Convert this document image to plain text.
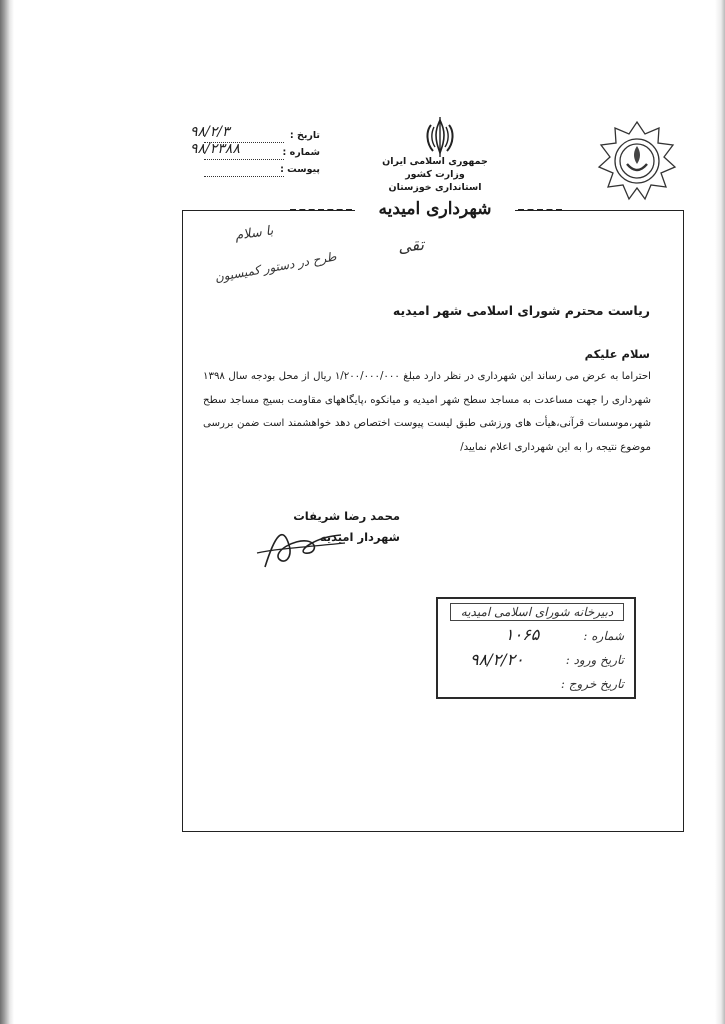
جمهوری اسلامی ایران
وزارت کشور
استانداری خوزستان
تاریخ :
۹۸/۲/۳
شماره :
۹۸/۲۳۸۸
پیوست :
شهرداری امیدیه
با سلام
طرح در دستور کمیسیون
تقی
ریاست محترم شورای اسلامی شهر امیدیه
سلام علیکم
احتراما به عرض می رساند این شهرداری در نظر دارد مبلغ ۱/۲۰۰/۰۰۰/۰۰۰ ریال از محل بودجه سال ۱۳۹۸ شهرداری را جهت مساعدت به مساجد سطح شهر امیدیه و میانکوه ،پایگاههای مقاومت بسیج مساجد سطح شهر،موسسات قرآنی،هیأت های ورزشی طبق لیست پیوست اختصاص دهد خواهشمند است ضمن بررسی موضوع نتیجه را به این شهرداری اعلام نمایید/
محمد رضا شریفات
شهردار امیدیه
دبیرخانه شورای اسلامی امیدیه
شماره :
تاریخ ورود :
تاریخ خروج :
۱۰۶۵
۹۸/۲/۲۰
